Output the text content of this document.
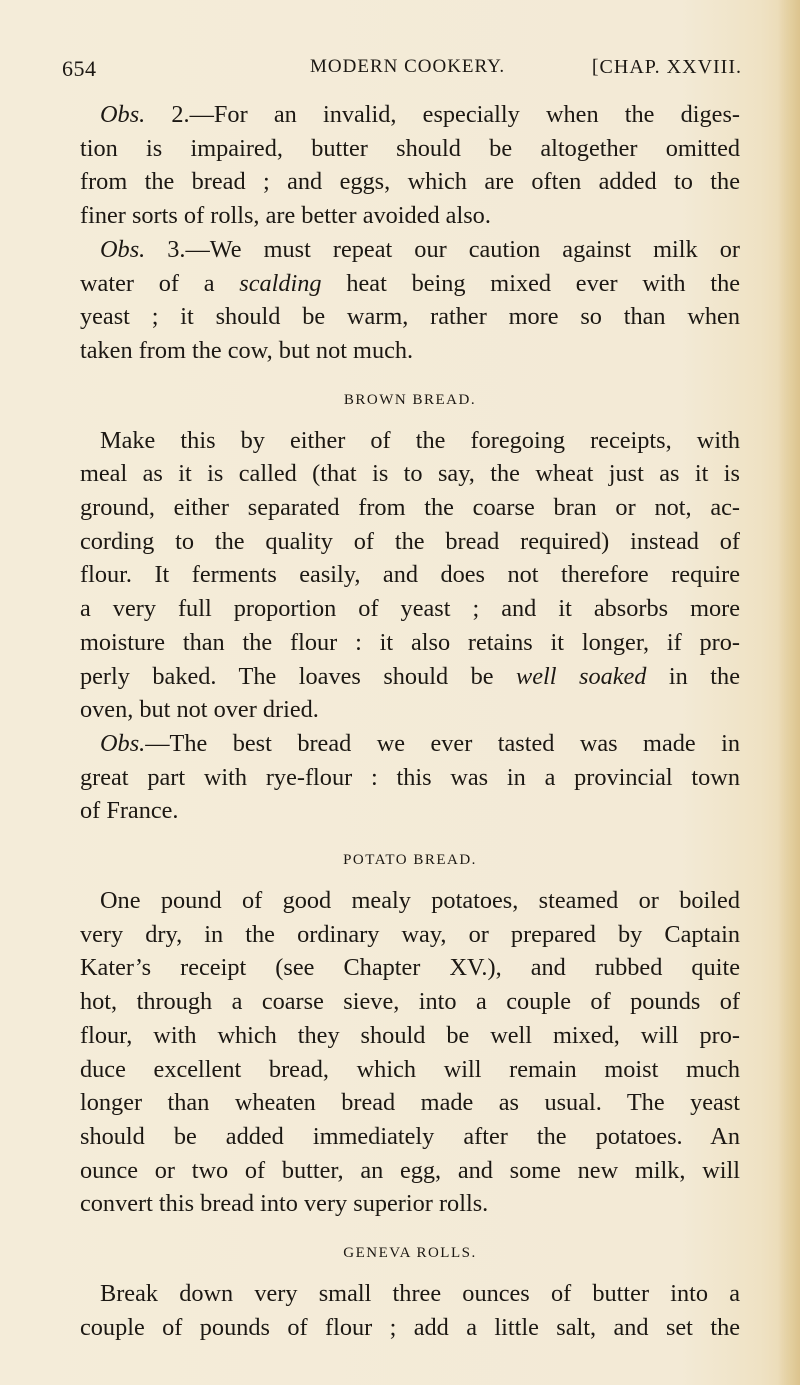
654	MODERN COOKERY.	[CHAP. XXVIII.

Obs. 2.—For an invalid, especially when the diges-
tion is impaired, butter should be altogether omitted
from the bread ; and eggs, which are often added to the
finer sorts of rolls, are better avoided also.

Obs. 3.—We must repeat our caution against milk or
water of a scalding heat being mixed ever with the
yeast ; it should be warm, rather more so than when
taken from the cow, but not much.

BROWN BREAD.

Make this by either of the foregoing receipts, with
meal as it is called (that is to say, the wheat just as it is
ground, either separated from the coarse bran or not, ac-
cording to the quality of the bread required) instead of
flour. It ferments easily, and does not therefore require
a very full proportion of yeast ; and it absorbs more
moisture than the flour : it also retains it longer, if pro-
perly baked. The loaves should be well soaked in the
oven, but not over dried.

Obs.—The best bread we ever tasted was made in
great part with rye-flour : this was in a provincial town
of France.

POTATO BREAD.

One pound of good mealy potatoes, steamed or boiled
very dry, in the ordinary way, or prepared by Captain
Kater’s receipt (see Chapter XV.), and rubbed quite
hot, through a coarse sieve, into a couple of pounds of
flour, with which they should be well mixed, will pro-
duce excellent bread, which will remain moist much
longer than wheaten bread made as usual. The yeast
should be added immediately after the potatoes. An
ounce or two of butter, an egg, and some new milk, will
convert this bread into very superior rolls.

GENEVA ROLLS.

Break down very small three ounces of butter into a
couple of pounds of flour ; add a little salt, and set the
